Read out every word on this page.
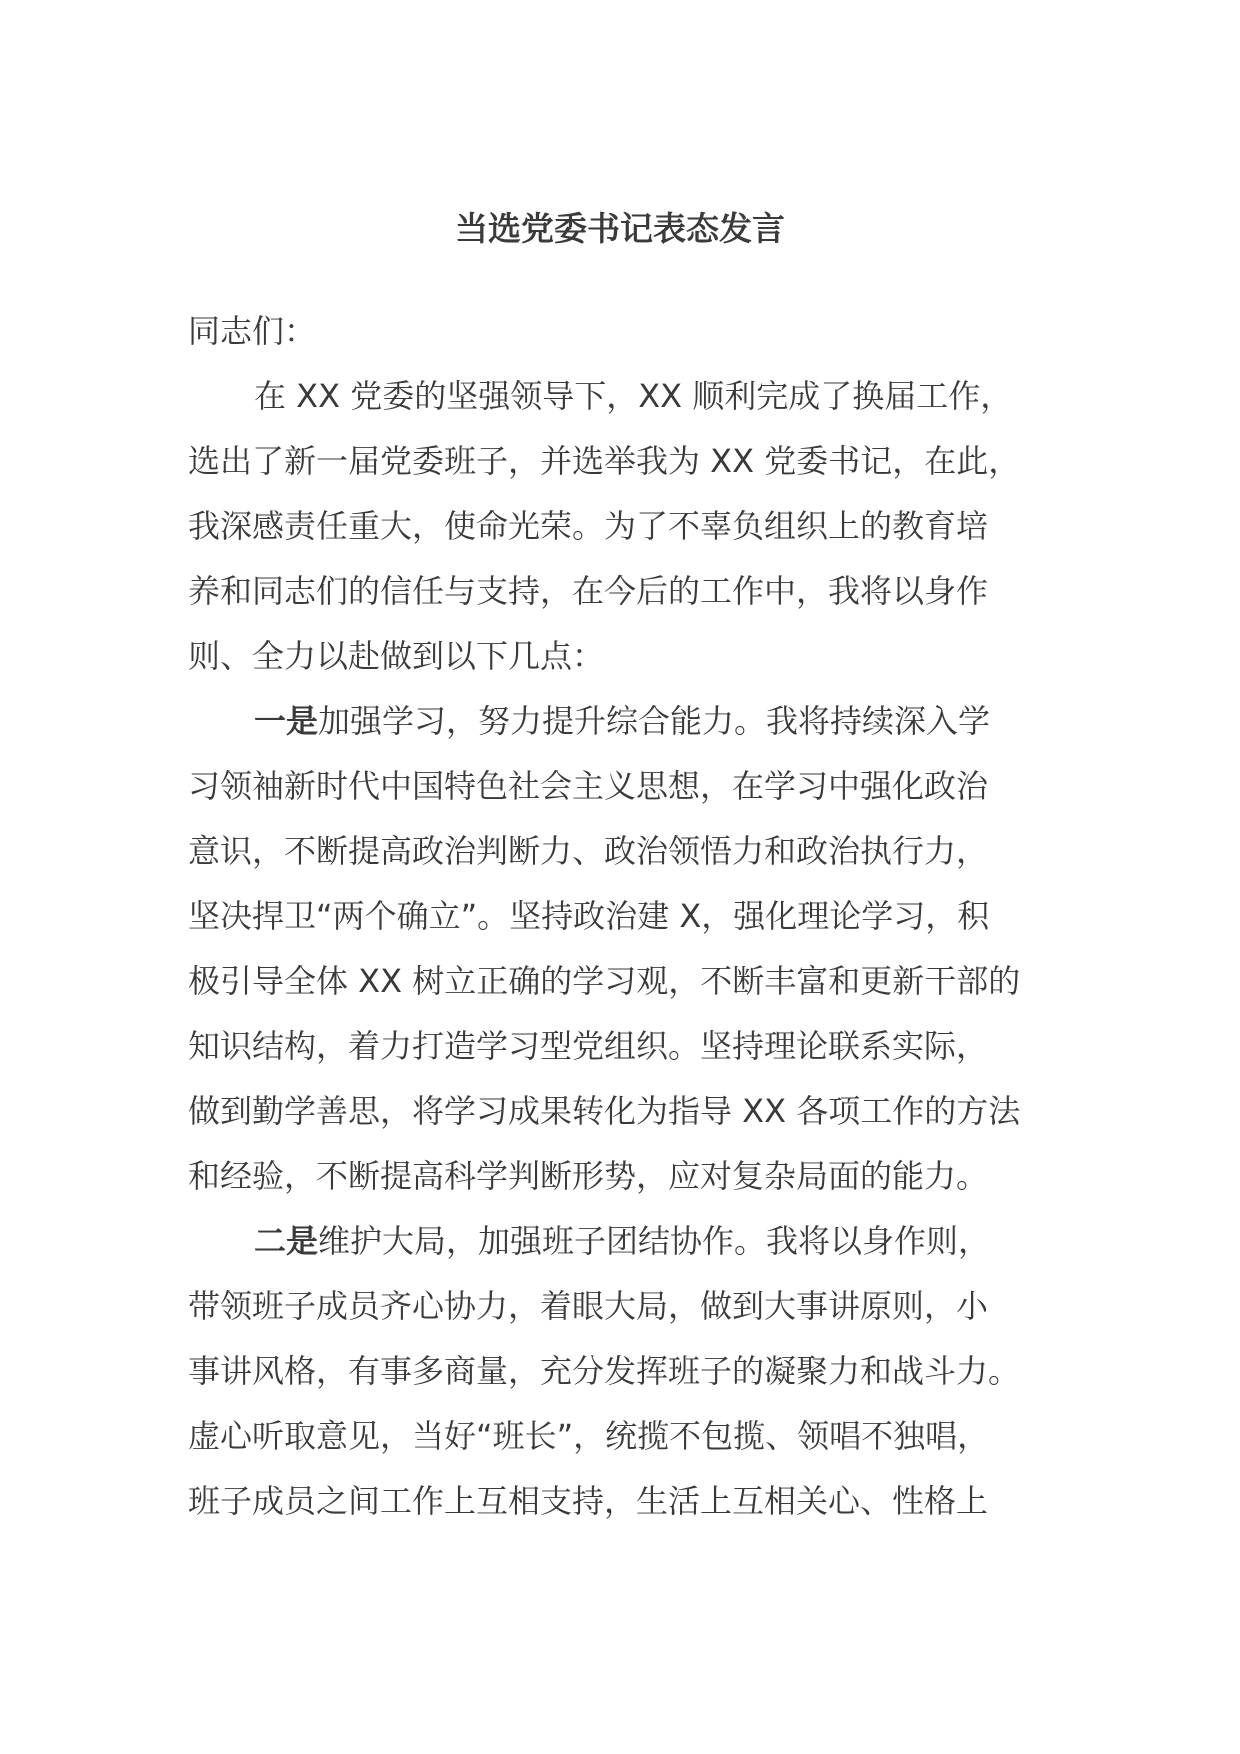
当选党委书记表态发言
同志们：
在 XX 党委的坚强领导下，XX 顺利完成了换届工作，
选出了新一届党委班子，并选举我为 XX 党委书记，在此，
我深感责任重大，使命光荣。为了不辜负组织上的教育培
养和同志们的信任与支持，在今后的工作中，我将以身作
则、全力以赴做到以下几点：
一是加强学习，努力提升综合能力。我将持续深入学
习领袖新时代中国特色社会主义思想，在学习中强化政治
意识，不断提高政治判断力、政治领悟力和政治执行力，
坚决捍卫“两个确立”。坚持政治建 X，强化理论学习，积
极引导全体 XX 树立正确的学习观，不断丰富和更新干部的
知识结构，着力打造学习型党组织。坚持理论联系实际，
做到勤学善思，将学习成果转化为指导 XX 各项工作的方法
和经验，不断提高科学判断形势，应对复杂局面的能力。
二是维护大局，加强班子团结协作。我将以身作则，
带领班子成员齐心协力，着眼大局，做到大事讲原则，小
事讲风格，有事多商量，充分发挥班子的凝聚力和战斗力。
虚心听取意见，当好“班长”，统揽不包揽、领唱不独唱，
班子成员之间工作上互相支持，生活上互相关心、性格上
